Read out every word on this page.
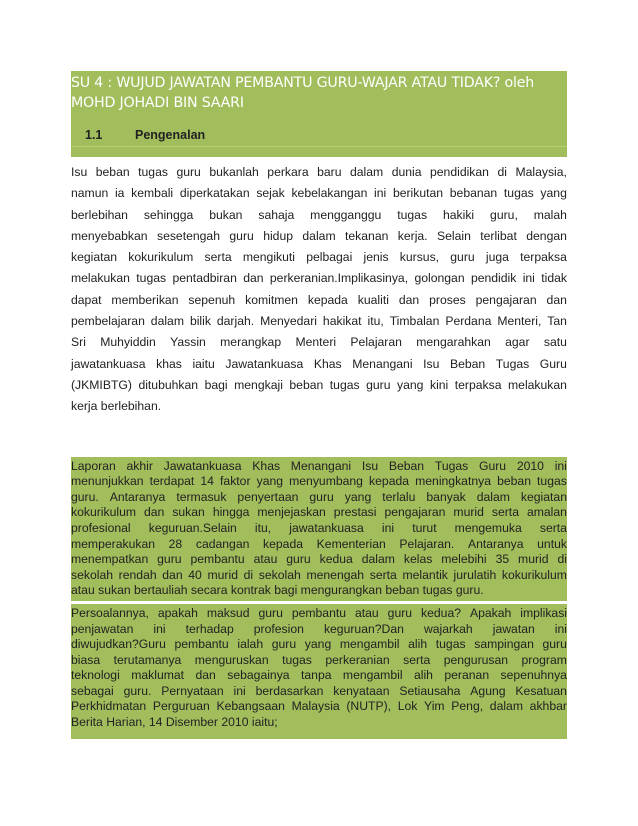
SU 4 : WUJUD JAWATAN PEMBANTU GURU-WAJAR ATAU TIDAK? oleh
MOHD JOHADI BIN SAARI
1.1	Pengenalan
Isu beban tugas guru bukanlah perkara baru dalam dunia pendidikan di Malaysia,
namun ia kembali diperkatakan sejak kebelakangan ini berikutan bebanan tugas yang
berlebihan sehingga bukan sahaja mengganggu tugas hakiki guru, malah
menyebabkan sesetengah guru hidup dalam tekanan kerja. Selain terlibat dengan
kegiatan kokurikulum serta mengikuti pelbagai jenis kursus, guru juga terpaksa
melakukan tugas pentadbiran dan perkeranian.Implikasinya, golongan pendidik ini tidak
dapat memberikan sepenuh komitmen kepada kualiti dan proses pengajaran dan
pembelajaran dalam bilik darjah. Menyedari hakikat itu, Timbalan Perdana Menteri, Tan
Sri Muhyiddin Yassin merangkap Menteri Pelajaran mengarahkan agar satu
jawatankuasa khas iaitu Jawatankuasa Khas Menangani Isu Beban Tugas Guru
(JKMIBTG) ditubuhkan bagi mengkaji beban tugas guru yang kini terpaksa melakukan
kerja berlebihan.
Laporan akhir Jawatankuasa Khas Menangani Isu Beban Tugas Guru 2010 ini
menunjukkan terdapat 14 faktor yang menyumbang kepada meningkatnya beban tugas
guru. Antaranya termasuk penyertaan guru yang terlalu banyak dalam kegiatan
kokurikulum dan sukan hingga menjejaskan prestasi pengajaran murid serta amalan
profesional keguruan.Selain itu, jawatankuasa ini turut mengemuka serta
memperakukan 28 cadangan kepada Kementerian Pelajaran. Antaranya untuk
menempatkan guru pembantu atau guru kedua dalam kelas melebihi 35 murid di
sekolah rendah dan 40 murid di sekolah menengah serta melantik jurulatih kokurikulum
atau sukan bertauliah secara kontrak bagi mengurangkan beban tugas guru.
Persoalannya, apakah maksud guru pembantu atau guru kedua? Apakah implikasi
penjawatan ini terhadap profesion keguruan?Dan wajarkah jawatan ini
diwujudkan?Guru pembantu ialah guru yang mengambil alih tugas sampingan guru
biasa terutamanya menguruskan tugas perkeranian serta pengurusan program
teknologi maklumat dan sebagainya tanpa mengambil alih peranan sepenuhnya
sebagai guru. Pernyataan ini berdasarkan kenyataan Setiausaha Agung Kesatuan
Perkhidmatan Perguruan Kebangsaan Malaysia (NUTP), Lok Yim Peng, dalam akhbar
Berita Harian, 14 Disember 2010 iaitu;
